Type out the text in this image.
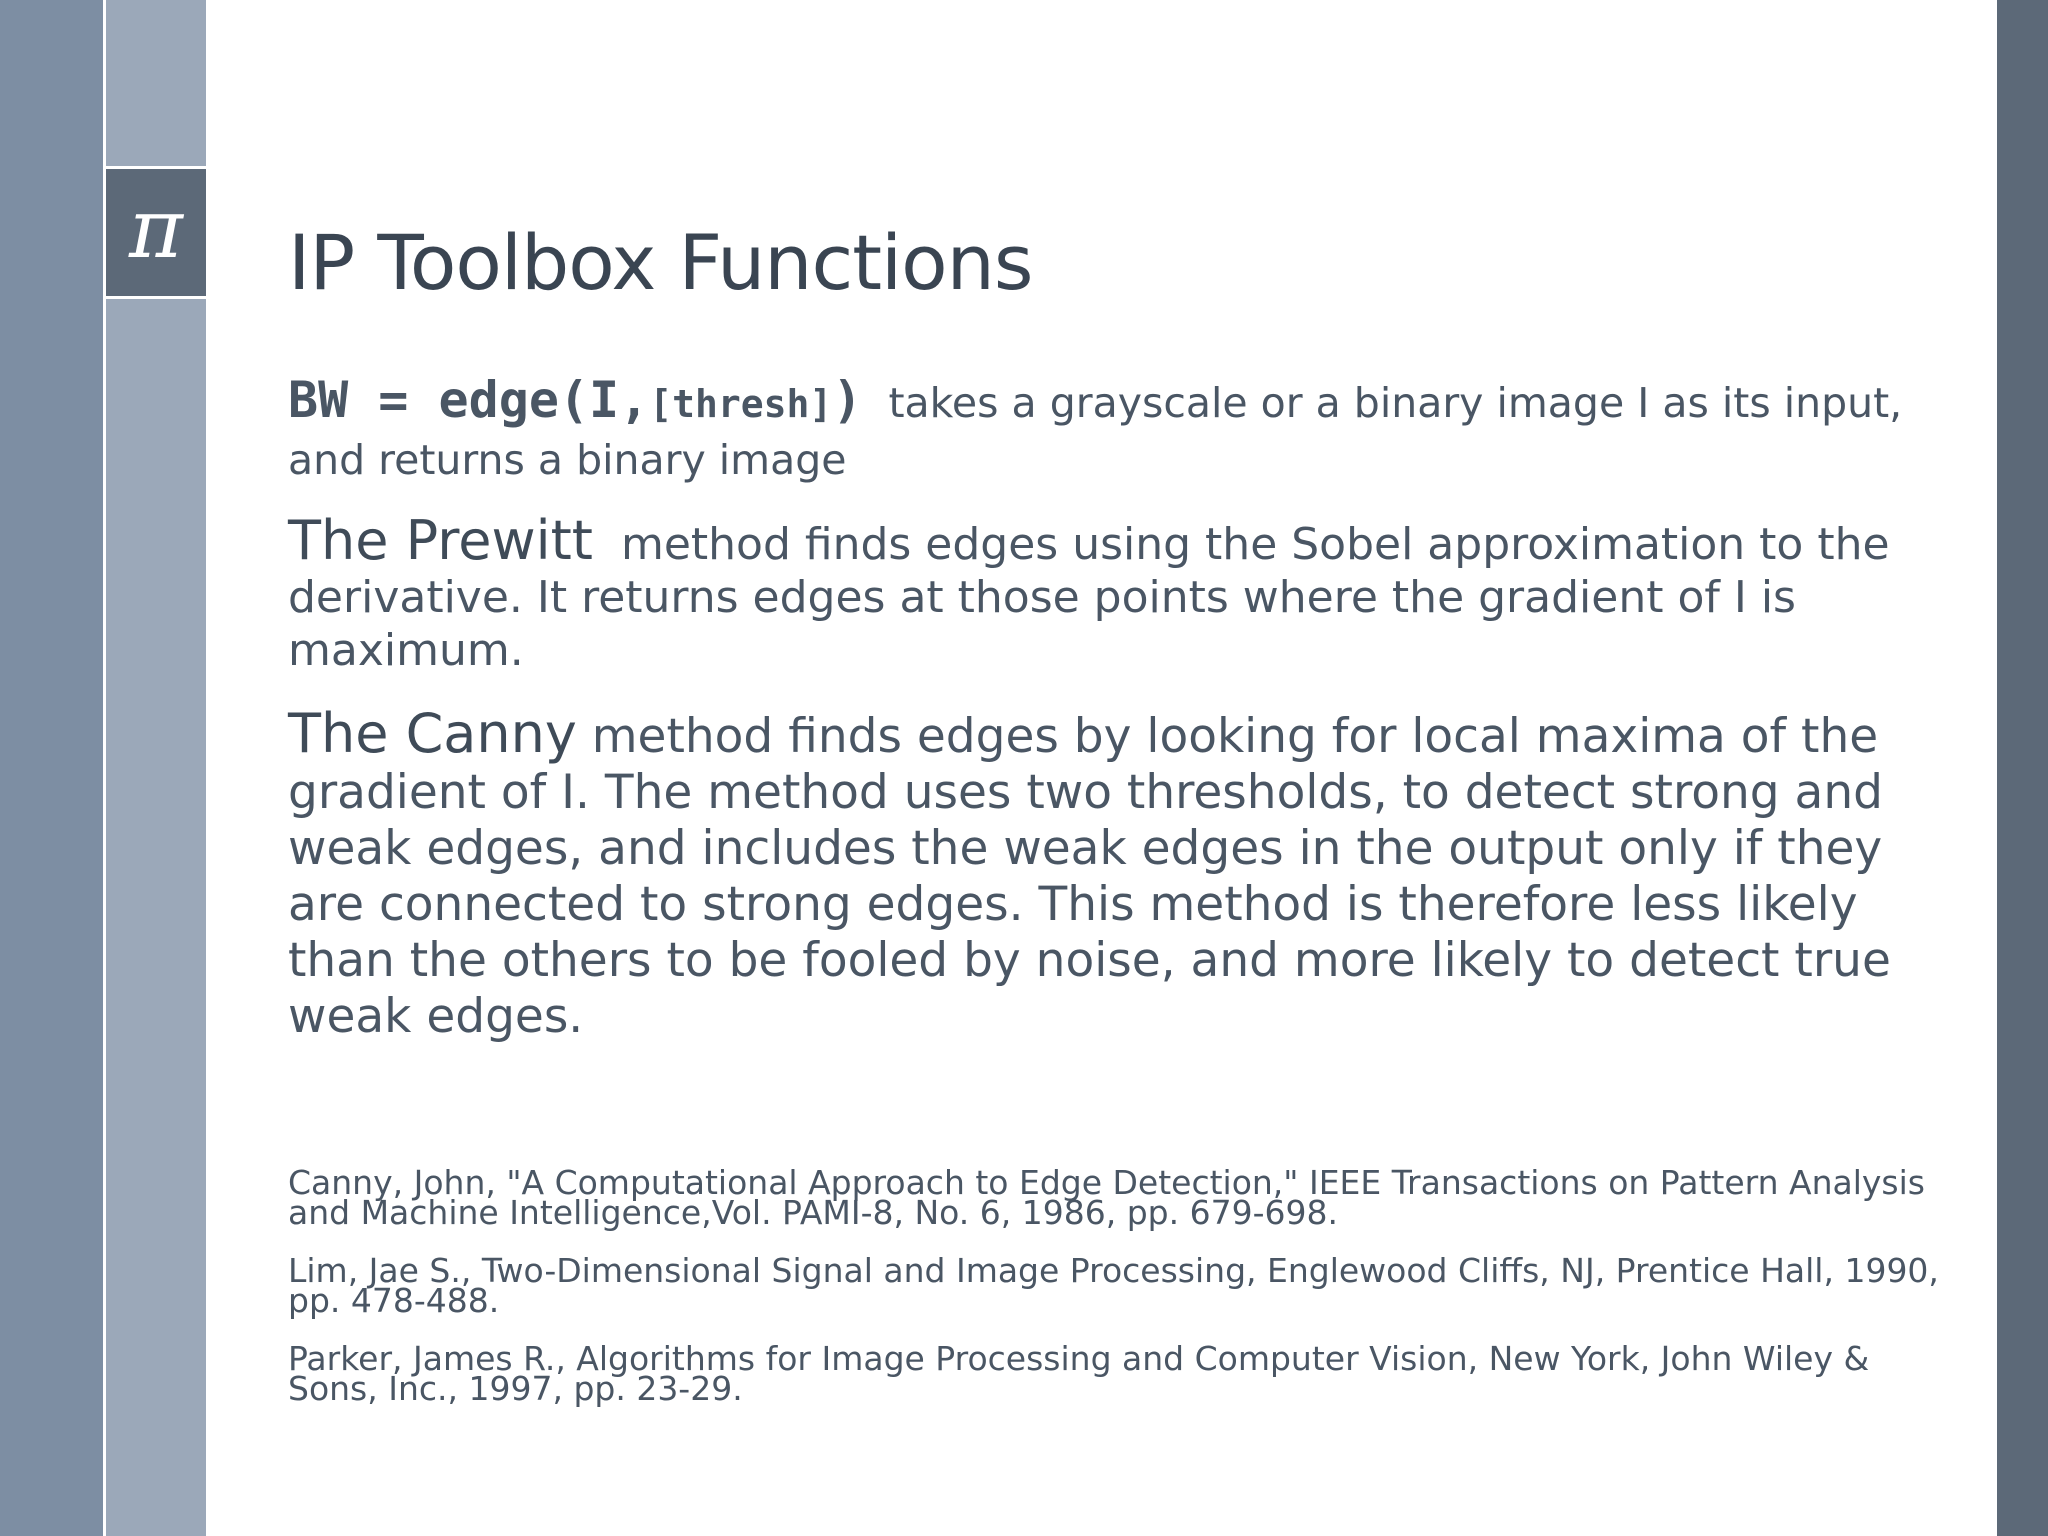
π IP Toolbox Functions
BW = edge(I,[thresh]) takes a grayscale or a binary image I as its input, and returns a binary image
The Prewitt method finds edges using the Sobel approximation to the derivative. It returns edges at those points where the gradient of I is maximum.
The Canny method finds edges by looking for local maxima of the gradient of I. The method uses two thresholds, to detect strong and weak edges, and includes the weak edges in the output only if they are connected to strong edges. This method is therefore less likely than the others to be fooled by noise, and more likely to detect true weak edges.
Canny, John, "A Computational Approach to Edge Detection," IEEE Transactions on Pattern Analysis and Machine Intelligence,Vol. PAMI-8, No. 6, 1986, pp. 679-698.
Lim, Jae S., Two-Dimensional Signal and Image Processing, Englewood Cliffs, NJ, Prentice Hall, 1990, pp. 478-488.
Parker, James R., Algorithms for Image Processing and Computer Vision, New York, John Wiley & Sons, Inc., 1997, pp. 23-29.
